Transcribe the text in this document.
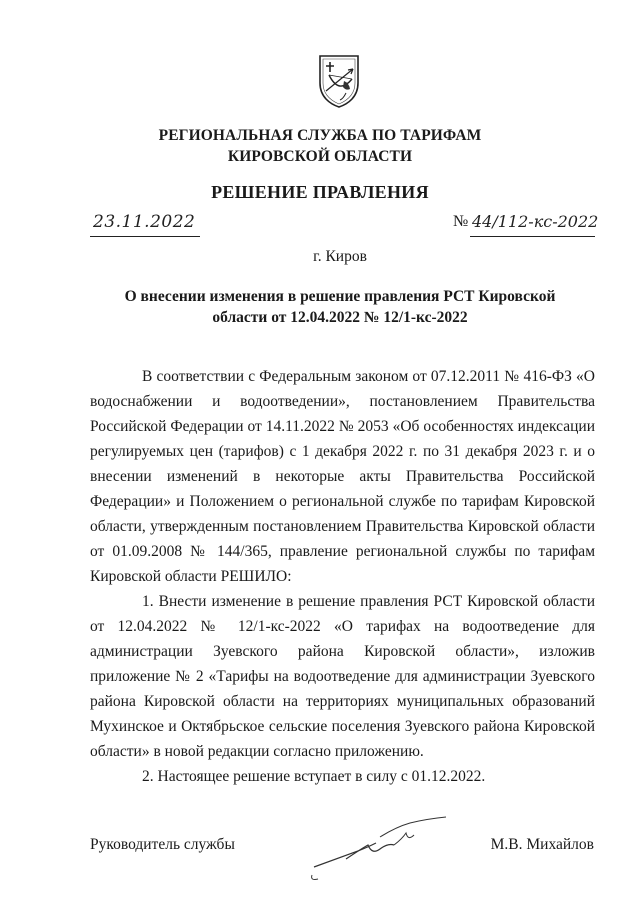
РЕГИОНАЛЬНАЯ СЛУЖБА ПО ТАРИФАМ
КИРОВСКОЙ ОБЛАСТИ
РЕШЕНИЕ ПРАВЛЕНИЯ
23.11.2022	№ 44/112-кс-2022
г. Киров
О внесении изменения в решение правления РСТ Кировской области от 12.04.2022 № 12/1-кс-2022

В соответствии с Федеральным законом от 07.12.2011 № 416-ФЗ «О водоснабжении и водоотведении», постановлением Правительства Российской Федерации от 14.11.2022 № 2053 «Об особенностях индексации регулируемых цен (тарифов) с 1 декабря 2022 г. по 31 декабря 2023 г. и о внесении изменений в некоторые акты Правительства Российской Федерации» и Положением о региональной службе по тарифам Кировской области, утвержденным постановлением Правительства Кировской области от 01.09.2008 № 144/365, правление региональной службы по тарифам Кировской области РЕШИЛО:

1. Внести изменение в решение правления РСТ Кировской области от 12.04.2022 № 12/1-кс-2022 «О тарифах на водоотведение для администрации Зуевского района Кировской области», изложив приложение № 2 «Тарифы на водоотведение для администрации Зуевского района Кировской области на территориях муниципальных образований Мухинское и Октябрьское сельские поселения Зуевского района Кировской области» в новой редакции согласно приложению.

2. Настоящее решение вступает в силу с 01.12.2022.

Руководитель службы	М.В. Михайлов
